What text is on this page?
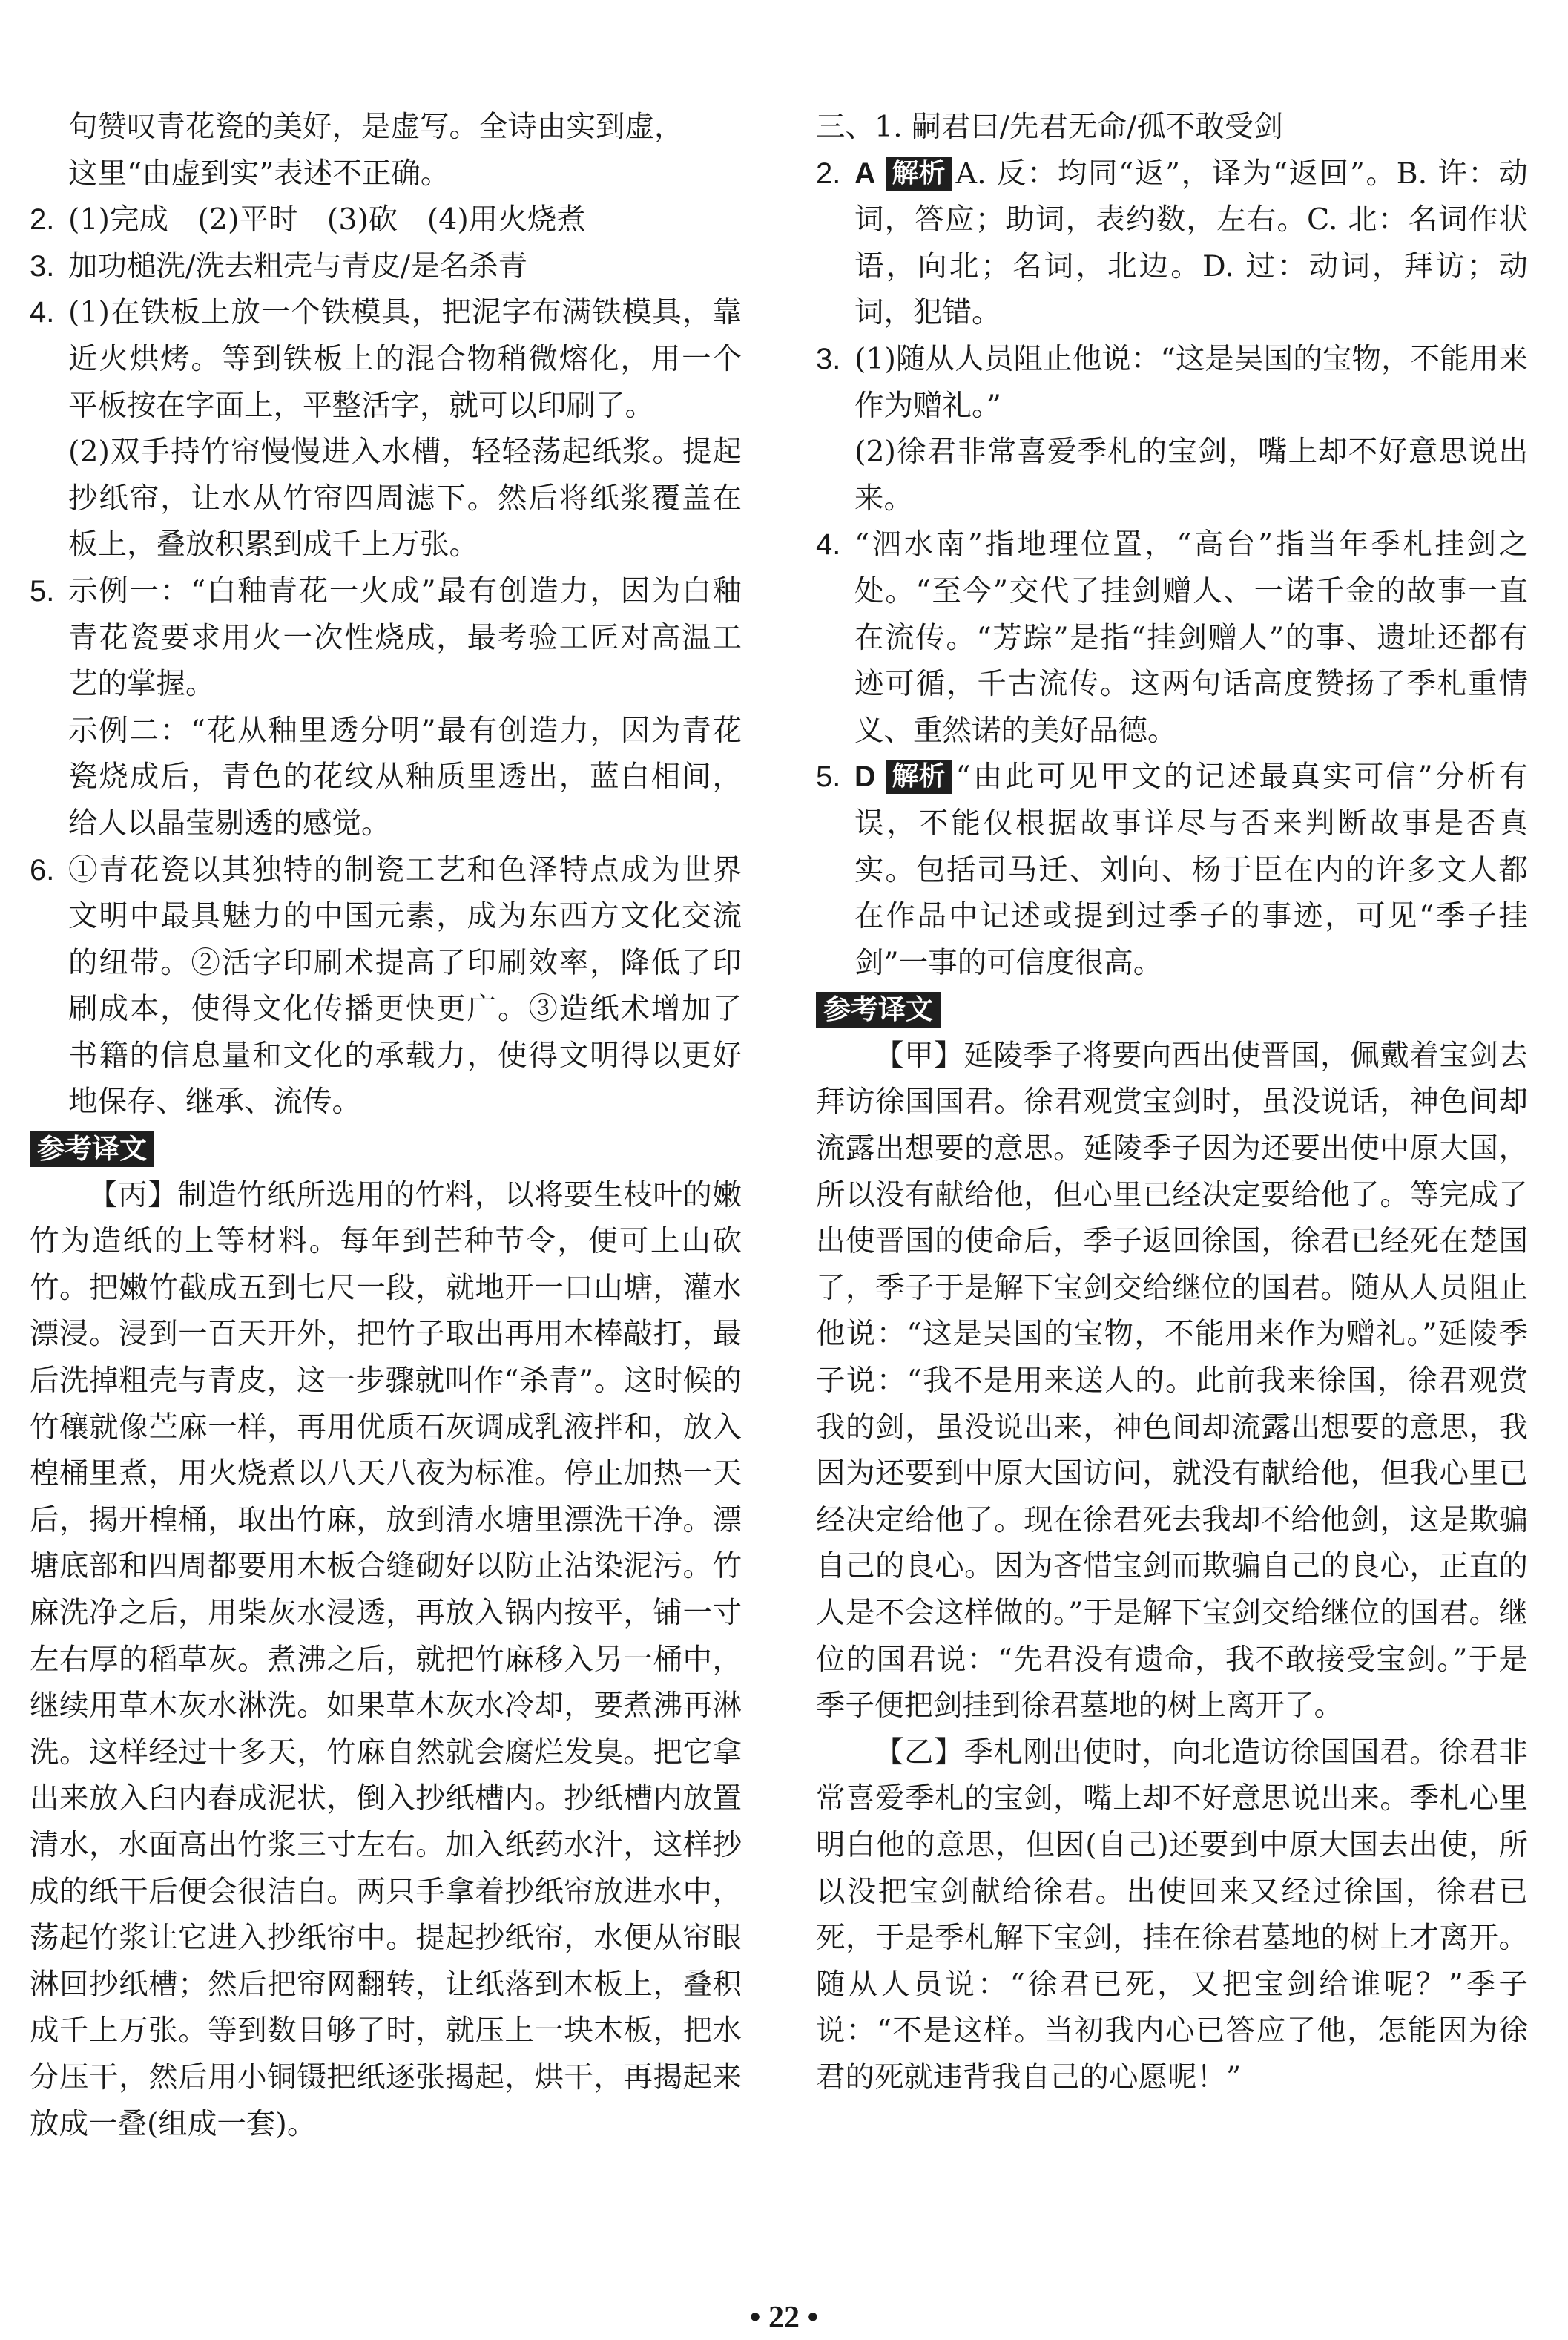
句赞叹青花瓷的美好，是虚写。全诗由实到虚，

这里“由虚到实”表述不正确。

2. (1)完成　(2)平时　(3)砍　(4)用火烧煮

3. 加功槌洗/洗去粗壳与青皮/是名杀青

4. (1)在铁板上放一个铁模具，把泥字布满铁模具，靠近火烘烤。等到铁板上的混合物稍微熔化，用一个平板按在字面上，平整活字，就可以印刷了。

(2)双手持竹帘慢慢进入水槽，轻轻荡起纸浆。提起抄纸帘，让水从竹帘四周滤下。然后将纸浆覆盖在板上，叠放积累到成千上万张。

5. 示例一：“白釉青花一火成”最有创造力，因为白釉青花瓷要求用火一次性烧成，最考验工匠对高温工艺的掌握。

示例二：“花从釉里透分明”最有创造力，因为青花瓷烧成后，青色的花纹从釉质里透出，蓝白相间，给人以晶莹剔透的感觉。

6. ①青花瓷以其独特的制瓷工艺和色泽特点成为世界文明中最具魅力的中国元素，成为东西方文化交流的纽带。②活字印刷术提高了印刷效率，降低了印刷成本，使得文化传播更快更广。③造纸术增加了书籍的信息量和文化的承载力，使得文明得以更好地保存、继承、流传。

参考译文

【丙】制造竹纸所选用的竹料，以将要生枝叶的嫩竹为造纸的上等材料。每年到芒种节令，便可上山砍竹。把嫩竹截成五到七尺一段，就地开一口山塘，灌水漂浸。浸到一百天开外，把竹子取出再用木棒敲打，最后洗掉粗壳与青皮，这一步骤就叫作“杀青”。这时候的竹穰就像苎麻一样，再用优质石灰调成乳液拌和，放入楻桶里煮，用火烧煮以八天八夜为标准。停止加热一天后，揭开楻桶，取出竹麻，放到清水塘里漂洗干净。漂塘底部和四周都要用木板合缝砌好以防止沾染泥污。竹麻洗净之后，用柴灰水浸透，再放入锅内按平，铺一寸左右厚的稻草灰。煮沸之后，就把竹麻移入另一桶中，继续用草木灰水淋洗。如果草木灰水冷却，要煮沸再淋洗。这样经过十多天，竹麻自然就会腐烂发臭。把它拿出来放入臼内舂成泥状，倒入抄纸槽内。抄纸槽内放置清水，水面高出竹浆三寸左右。加入纸药水汁，这样抄成的纸干后便会很洁白。两只手拿着抄纸帘放进水中，荡起竹浆让它进入抄纸帘中。提起抄纸帘，水便从帘眼淋回抄纸槽；然后把帘网翻转，让纸落到木板上，叠积成千上万张。等到数目够了时，就压上一块木板，把水分压干，然后用小铜镊把纸逐张揭起，烘干，再揭起来放成一叠(组成一套)。

三、1. 嗣君曰/先君无命/孤不敢受剑

2. A 解析 A. 反：均同“返”，译为“返回”。B. 许：动词，答应；助词，表约数，左右。C. 北：名词作状语，向北；名词，北边。D. 过：动词，拜访；动词，犯错。

3. (1)随从人员阻止他说：“这是吴国的宝物，不能用来作为赠礼。”

(2)徐君非常喜爱季札的宝剑，嘴上却不好意思说出来。

4. “泗水南”指地理位置，“高台”指当年季札挂剑之处。“至今”交代了挂剑赠人、一诺千金的故事一直在流传。“芳踪”是指“挂剑赠人”的事、遗址还都有迹可循，千古流传。这两句话高度赞扬了季札重情义、重然诺的美好品德。

5. D 解析 “由此可见甲文的记述最真实可信”分析有误，不能仅根据故事详尽与否来判断故事是否真实。包括司马迁、刘向、杨于臣在内的许多文人都在作品中记述或提到过季子的事迹，可见“季子挂剑”一事的可信度很高。

参考译文

【甲】延陵季子将要向西出使晋国，佩戴着宝剑去拜访徐国国君。徐君观赏宝剑时，虽没说话，神色间却流露出想要的意思。延陵季子因为还要出使中原大国，所以没有献给他，但心里已经决定要给他了。等完成了出使晋国的使命后，季子返回徐国，徐君已经死在楚国了，季子于是解下宝剑交给继位的国君。随从人员阻止他说：“这是吴国的宝物，不能用来作为赠礼。”延陵季子说：“我不是用来送人的。此前我来徐国，徐君观赏我的剑，虽没说出来，神色间却流露出想要的意思，我因为还要到中原大国访问，就没有献给他，但我心里已经决定给他了。现在徐君死去我却不给他剑，这是欺骗自己的良心。因为吝惜宝剑而欺骗自己的良心，正直的人是不会这样做的。”于是解下宝剑交给继位的国君。继位的国君说：“先君没有遗命，我不敢接受宝剑。”于是季子便把剑挂到徐君墓地的树上离开了。

【乙】季札刚出使时，向北造访徐国国君。徐君非常喜爱季札的宝剑，嘴上却不好意思说出来。季札心里明白他的意思，但因(自己)还要到中原大国去出使，所以没把宝剑献给徐君。出使回来又经过徐国，徐君已死，于是季札解下宝剑，挂在徐君墓地的树上才离开。随从人员说：“徐君已死，又把宝剑给谁呢？”季子说：“不是这样。当初我内心已答应了他，怎能因为徐君的死就违背我自己的心愿呢！”

• 22 •
